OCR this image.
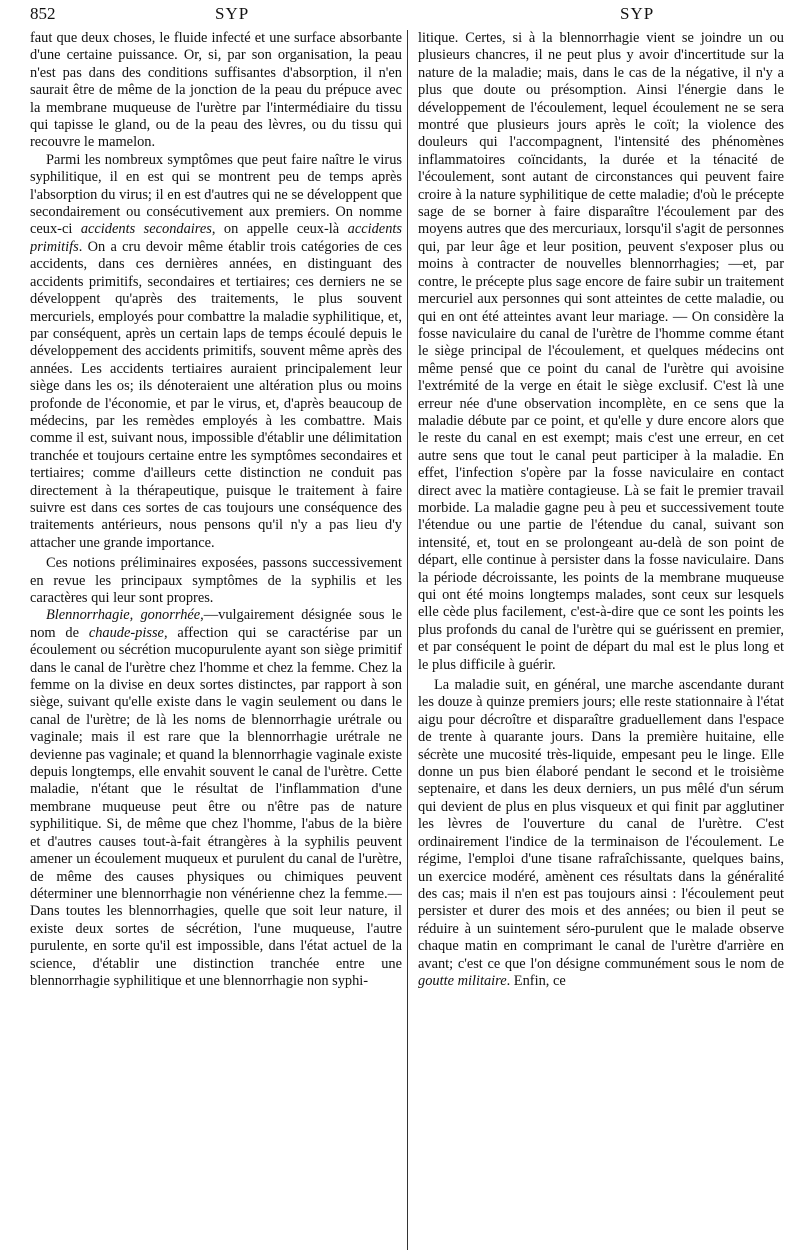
852	SYP	SYP

faut que deux choses, le fluide infecté et une surface absorbante d'une certaine puissance. Or, si, par son organisation, la peau n'est pas dans des conditions suffisantes d'absorption, il n'en saurait être de même de la jonction de la peau du prépuce avec la membrane muqueuse de l'urètre par l'intermédiaire du tissu qui tapisse le gland, ou de la peau des lèvres, ou du tissu qui recouvre le mamelon.

Parmi les nombreux symptômes que peut faire naître le virus syphilitique, il en est qui se montrent peu de temps après l'absorption du virus; il en est d'autres qui ne se développent que secondairement ou consécutivement aux premiers. On nomme ceux-ci accidents secondaires, on appelle ceux-là accidents primitifs. On a cru devoir même établir trois catégories de ces accidents, dans ces dernières années, en distinguant des accidents primitifs, secondaires et tertiaires; ces derniers ne se développent qu'après des traitements, le plus souvent mercuriels, employés pour combattre la maladie syphilitique, et, par conséquent, après un certain laps de temps écoulé depuis le développement des accidents primitifs, souvent même après des années. Les accidents tertiaires auraient principalement leur siège dans les os; ils dénoteraient une altération plus ou moins profonde de l'économie, et par le virus, et, d'après beaucoup de médecins, par les remèdes employés à les combattre. Mais comme il est, suivant nous, impossible d'établir une délimitation tranchée et toujours certaine entre les symptômes secondaires et tertiaires; comme d'ailleurs cette distinction ne conduit pas directement à la thérapeutique, puisque le traitement à faire suivre est dans ces sortes de cas toujours une conséquence des traitements antérieurs, nous pensons qu'il n'y a pas lieu d'y attacher une grande importance.

Ces notions préliminaires exposées, passons successivement en revue les principaux symptômes de la syphilis et les caractères qui leur sont propres.

Blennorrhagie, gonorrhée,—vulgairement désignée sous le nom de chaude-pisse, affection qui se caractérise par un écoulement ou sécrétion mucopurulente ayant son siège primitif dans le canal de l'urètre chez l'homme et chez la femme. Chez la femme on la divise en deux sortes distinctes, par rapport à son siège, suivant qu'elle existe dans le vagin seulement ou dans le canal de l'urètre; de là les noms de blennorrhagie urétrale ou vaginale; mais il est rare que la blennorrhagie urétrale ne devienne pas vaginale; et quand la blennorrhagie vaginale existe depuis longtemps, elle envahit souvent le canal de l'urètre. Cette maladie, n'étant que le résultat de l'inflammation d'une membrane muqueuse peut être ou n'être pas de nature syphilitique. Si, de même que chez l'homme, l'abus de la bière et d'autres causes tout-à-fait étrangères à la syphilis peuvent amener un écoulement muqueux et purulent du canal de l'urètre, de même des causes physiques ou chimiques peuvent déterminer une blennorrhagie non vénérienne chez la femme.— Dans toutes les blennorrhagies, quelle que soit leur nature, il existe deux sortes de sécrétion, l'une muqueuse, l'autre purulente, en sorte qu'il est impossible, dans l'état actuel de la science, d'établir une distinction tranchée entre une blennorrhagie syphilitique et une blennorrhagie non syphi-

litique. Certes, si à la blennorrhagie vient se joindre un ou plusieurs chancres, il ne peut plus y avoir d'incertitude sur la nature de la maladie; mais, dans le cas de la négative, il n'y a plus que doute ou présomption. Ainsi l'énergie dans le développement de l'écoulement, lequel écoulement ne se sera montré que plusieurs jours après le coït; la violence des douleurs qui l'accompagnent, l'intensité des phénomènes inflammatoires coïncidants, la durée et la ténacité de l'écoulement, sont autant de circonstances qui peuvent faire croire à la nature syphilitique de cette maladie; d'où le précepte sage de se borner à faire disparaître l'écoulement par des moyens autres que des mercuriaux, lorsqu'il s'agit de personnes qui, par leur âge et leur position, peuvent s'exposer plus ou moins à contracter de nouvelles blennorrhagies; —et, par contre, le précepte plus sage encore de faire subir un traitement mercuriel aux personnes qui sont atteintes de cette maladie, ou qui en ont été atteintes avant leur mariage. — On considère la fosse naviculaire du canal de l'urètre de l'homme comme étant le siège principal de l'écoulement, et quelques médecins ont même pensé que ce point du canal de l'urètre qui avoisine l'extrémité de la verge en était le siège exclusif. C'est là une erreur née d'une observation incomplète, en ce sens que la maladie débute par ce point, et qu'elle y dure encore alors que le reste du canal en est exempt; mais c'est une erreur, en cet autre sens que tout le canal peut participer à la maladie. En effet, l'infection s'opère par la fosse naviculaire en contact direct avec la matière contagieuse. Là se fait le premier travail morbide. La maladie gagne peu à peu et successivement toute l'étendue ou une partie de l'étendue du canal, suivant son intensité, et, tout en se prolongeant au-delà de son point de départ, elle continue à persister dans la fosse naviculaire. Dans la période décroissante, les points de la membrane muqueuse qui ont été moins longtemps malades, sont ceux sur lesquels elle cède plus facilement, c'est-à-dire que ce sont les points les plus profonds du canal de l'urètre qui se guérissent en premier, et par conséquent le point de départ du mal est le plus long et le plus difficile à guérir.

La maladie suit, en général, une marche ascendante durant les douze à quinze premiers jours; elle reste stationnaire à l'état aigu pour décroître et disparaître graduellement dans l'espace de trente à quarante jours. Dans la première huitaine, elle sécrète une mucosité très-liquide, empesant peu le linge. Elle donne un pus bien élaboré pendant le second et le troisième septenaire, et dans les deux derniers, un pus mêlé d'un sérum qui devient de plus en plus visqueux et qui finit par agglutiner les lèvres de l'ouverture du canal de l'urètre. C'est ordinairement l'indice de la terminaison de l'écoulement. Le régime, l'emploi d'une tisane rafraîchissante, quelques bains, un exercice modéré, amènent ces résultats dans la généralité des cas; mais il n'en est pas toujours ainsi : l'écoulement peut persister et durer des mois et des années; ou bien il peut se réduire à un suintement séro-purulent que le malade observe chaque matin en comprimant le canal de l'urètre d'arrière en avant; c'est ce que l'on désigne communément sous le nom de goutte militaire. Enfin, ce
